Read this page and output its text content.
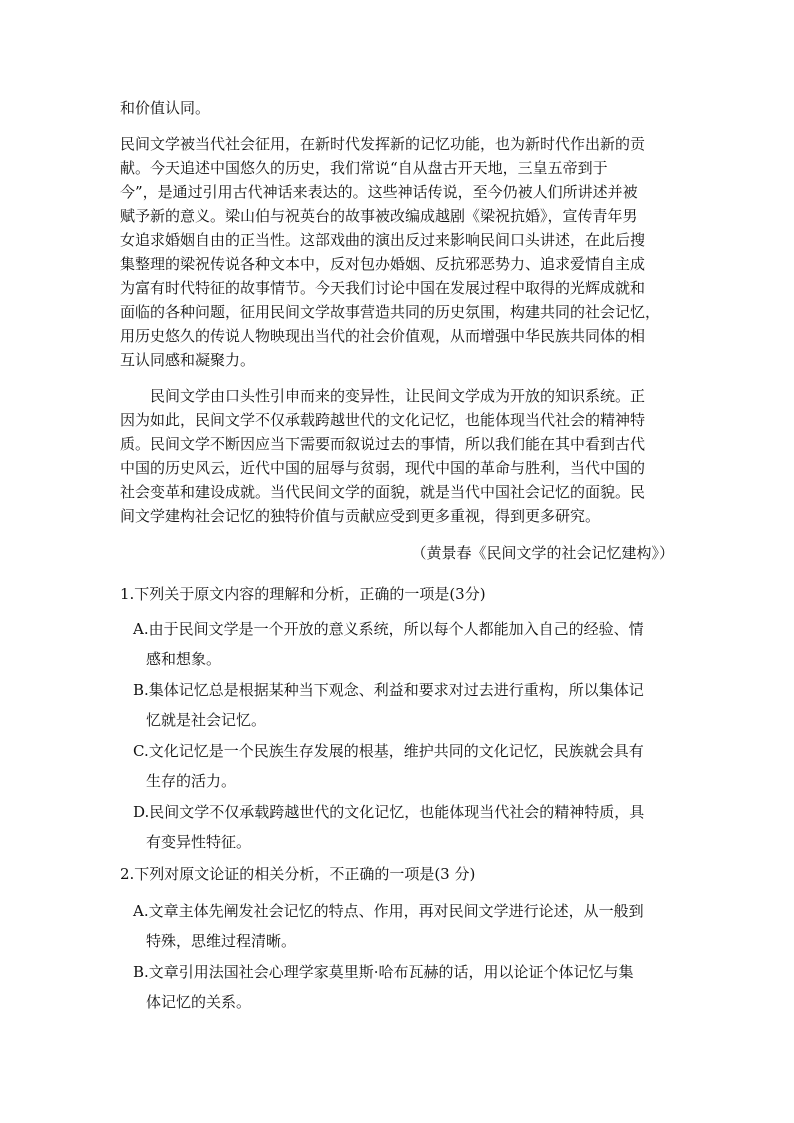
和价值认同。

民间文学被当代社会征用，在新时代发挥新的记忆功能，也为新时代作出新的贡
献。今天追述中国悠久的历史，我们常说“自从盘古开天地，三皇五帝到于
今”，是通过引用古代神话来表达的。这些神话传说，至今仍被人们所讲述并被
赋予新的意义。梁山伯与祝英台的故事被改编成越剧《梁祝抗婚》，宣传青年男
女追求婚姻自由的正当性。这部戏曲的演出反过来影响民间口头讲述，在此后搜
集整理的梁祝传说各种文本中，反对包办婚姻、反抗邪恶势力、追求爱情自主成
为富有时代特征的故事情节。今天我们讨论中国在发展过程中取得的光辉成就和
面临的各种问题，征用民间文学故事营造共同的历史氛围，构建共同的社会记忆，
用历史悠久的传说人物映现出当代的社会价值观，从而增强中华民族共同体的相
互认同感和凝聚力。

　　民间文学由口头性引申而来的变异性，让民间文学成为开放的知识系统。正
因为如此，民间文学不仅承载跨越世代的文化记忆，也能体现当代社会的精神特
质。民间文学不断因应当下需要而叙说过去的事情，所以我们能在其中看到古代
中国的历史风云，近代中国的屈辱与贫弱，现代中国的革命与胜利，当代中国的
社会变革和建设成就。当代民间文学的面貌，就是当代中国社会记忆的面貌。民
间文学建构社会记忆的独特价值与贡献应受到更多重视，得到更多研究。

（黄景春《民间文学的社会记忆建构》）
1.下列关于原文内容的理解和分析，正确的一项是(3分)
A.由于民间文学是一个开放的意义系统，所以每个人都能加入自己的经验、情
感和想象。
B.集体记忆总是根据某种当下观念、利益和要求对过去进行重构，所以集体记
忆就是社会记忆。
C.文化记忆是一个民族生存发展的根基，维护共同的文化记忆，民族就会具有
生存的活力。
D.民间文学不仅承载跨越世代的文化记忆，也能体现当代社会的精神特质，具
有变异性特征。
2.下列对原文论证的相关分析，不正确的一项是(3 分)
A.文章主体先阐发社会记忆的特点、作用，再对民间文学进行论述，从一般到
特殊，思维过程清晰。
B.文章引用法国社会心理学家莫里斯·哈布瓦赫的话，用以论证个体记忆与集
体记忆的关系。
